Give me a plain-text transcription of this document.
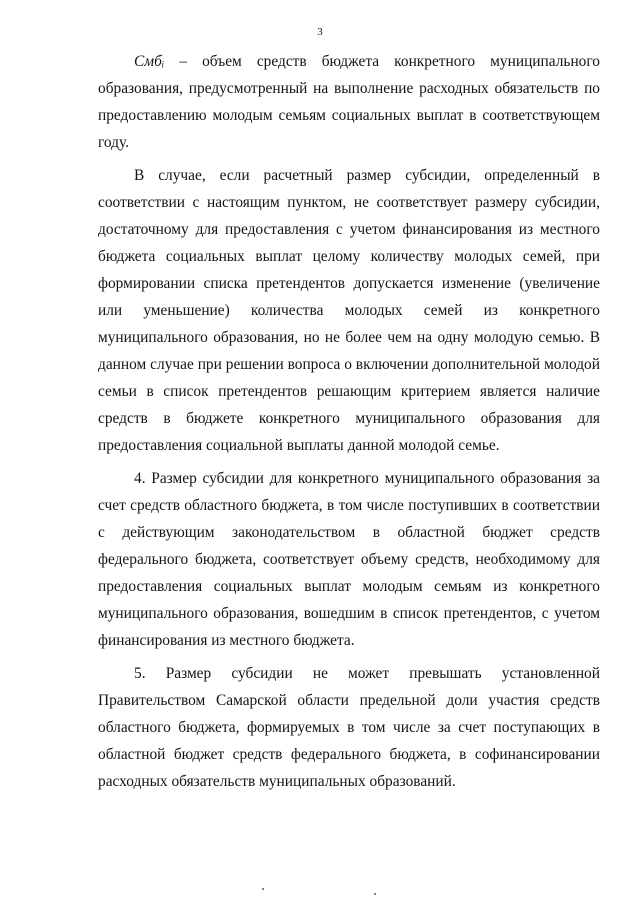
3

Смбᵢ – объем средств бюджета конкретного муниципального образования, предусмотренный на выполнение расходных обязательств по предоставлению молодым семьям социальных выплат в соответствующем году.

В случае, если расчетный размер субсидии, определенный в соответствии с настоящим пунктом, не соответствует размеру субсидии, достаточному для предоставления с учетом финансирования из местного бюджета социальных выплат целому количеству молодых семей, при формировании списка претендентов допускается изменение (увеличение или уменьшение) количества молодых семей из конкретного муниципального образования, но не более чем на одну молодую семью. В данном случае при решении вопроса о включении дополнительной молодой семьи в список претендентов решающим критерием является наличие средств в бюджете конкретного муниципального образования для предоставления социальной выплаты данной молодой семье.

4. Размер субсидии для конкретного муниципального образования за счет средств областного бюджета, в том числе поступивших в соответствии с действующим законодательством в областной бюджет средств федерального бюджета, соответствует объему средств, необходимому для предоставления социальных выплат молодым семьям из конкретного муниципального образования, вошедшим в список претендентов, с учетом финансирования из местного бюджета.

5. Размер субсидии не может превышать установленной Правительством Самарской области предельной доли участия средств областного бюджета, формируемых в том числе за счет поступающих в областной бюджет средств федерального бюджета, в софинансировании расходных обязательств муниципальных образований.
